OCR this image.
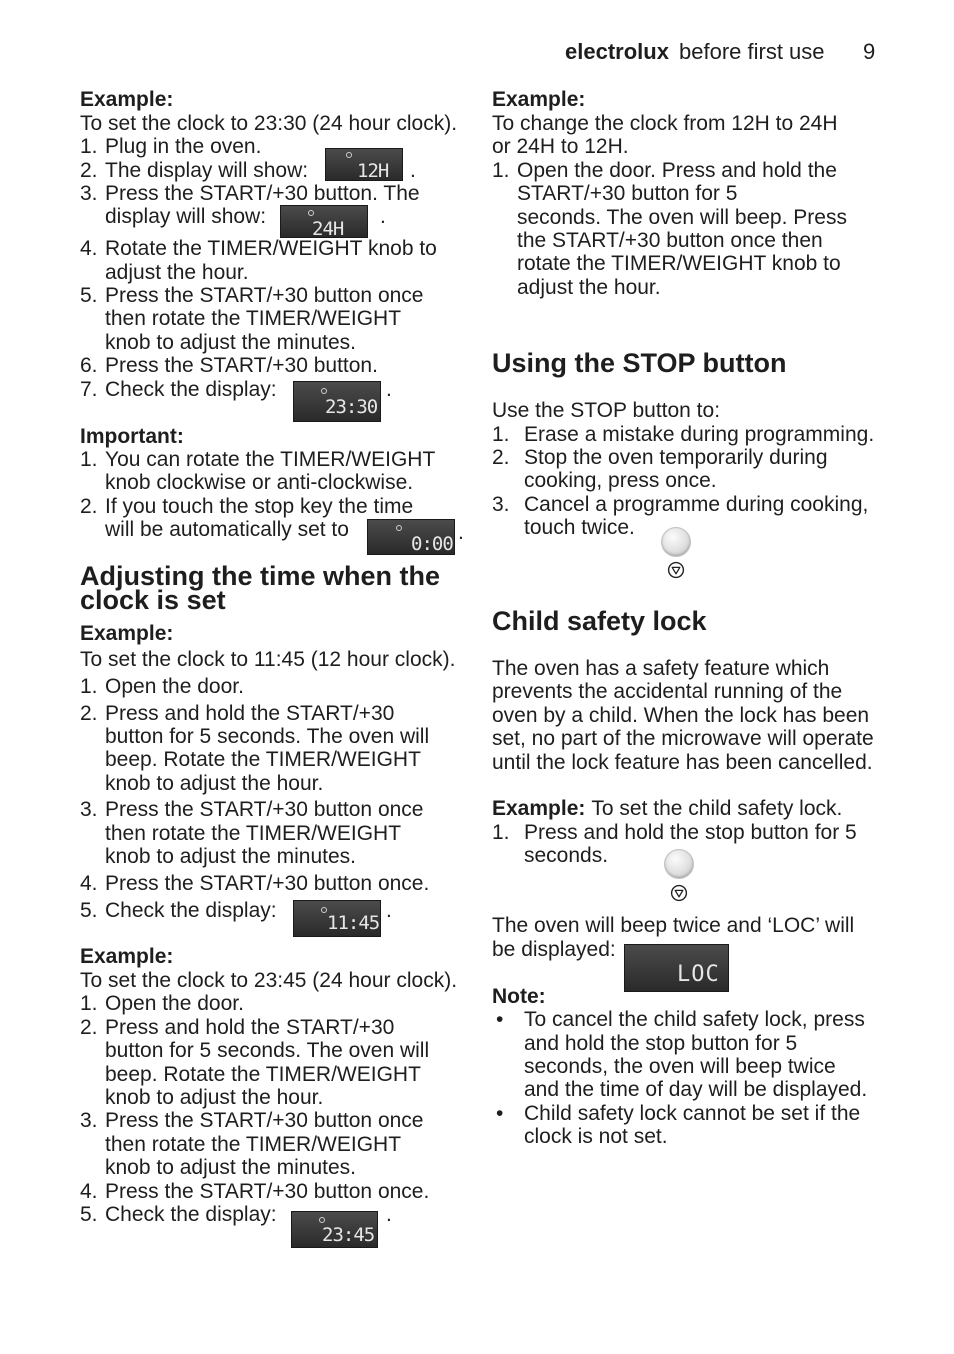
electrolux before first use 9
Example:
To set the clock to 23:30 (24 hour clock).
1. Plug in the oven.
2. The display will show:	12H .
3. Press the START/+30 button. The
display will show:
24H
.
4. Rotate the TIMER/WEIGHT knob to
adjust the hour.
5. Press the START/+30 button once
then rotate the TIMER/WEIGHT
knob to adjust the minutes.
6. Press the START/+30 button.
7. Check the display:
23:30
.
Important:
1. You can rotate the TIMER/WEIGHT
knob clockwise or anti-clockwise.
2. If you touch the stop key the time
will be automatically set to
0:00 .
Adjusting the time when the
clock is set
Example:
To set the clock to 11:45 (12 hour clock).
1. Open the door.
2. Press and hold the START/+30
button for 5 seconds. The oven will
beep. Rotate the TIMER/WEIGHT
knob to adjust the hour.
3. Press the START/+30 button once
then rotate the TIMER/WEIGHT
knob to adjust the minutes.
4. Press the START/+30 button once.
5. Check the display:
11:45
.
Example:
To set the clock to 23:45 (24 hour clock).
1. Open the door.
2. Press and hold the START/+30
button for 5 seconds. The oven will
beep. Rotate the TIMER/WEIGHT
knob to adjust the hour.
3. Press the START/+30 button once
then rotate the TIMER/WEIGHT
knob to adjust the minutes.
4. Press the START/+30 button once.
5. Check the display:
23:45
.
Example:
To change the clock from 12H to 24H
or 24H to 12H.
1. Open the door. Press and hold the
START/+30 button for 5
seconds. The oven will beep. Press
the START/+30 button once then
rotate the TIMER/WEIGHT knob to
adjust the hour.
Using the STOP button
Use the STOP button to:
1. Erase a mistake during programming.
2. Stop the oven temporarily during
cooking, press once.
3. Cancel a programme during cooking,
touch twice.
Child safety lock
The oven has a safety feature which
prevents the accidental running of the
oven by a child. When the lock has been
set, no part of the microwave will operate
until the lock feature has been cancelled.
Example: To set the child safety lock.
1. Press and hold the stop button for 5
seconds.
The oven will beep twice and ‘LOC’ will
be displayed:
LOC
Note:
• To cancel the child safety lock, press
and hold the stop button for 5
seconds, the oven will beep twice
and the time of day will be displayed.
• Child safety lock cannot be set if the
clock is not set.
